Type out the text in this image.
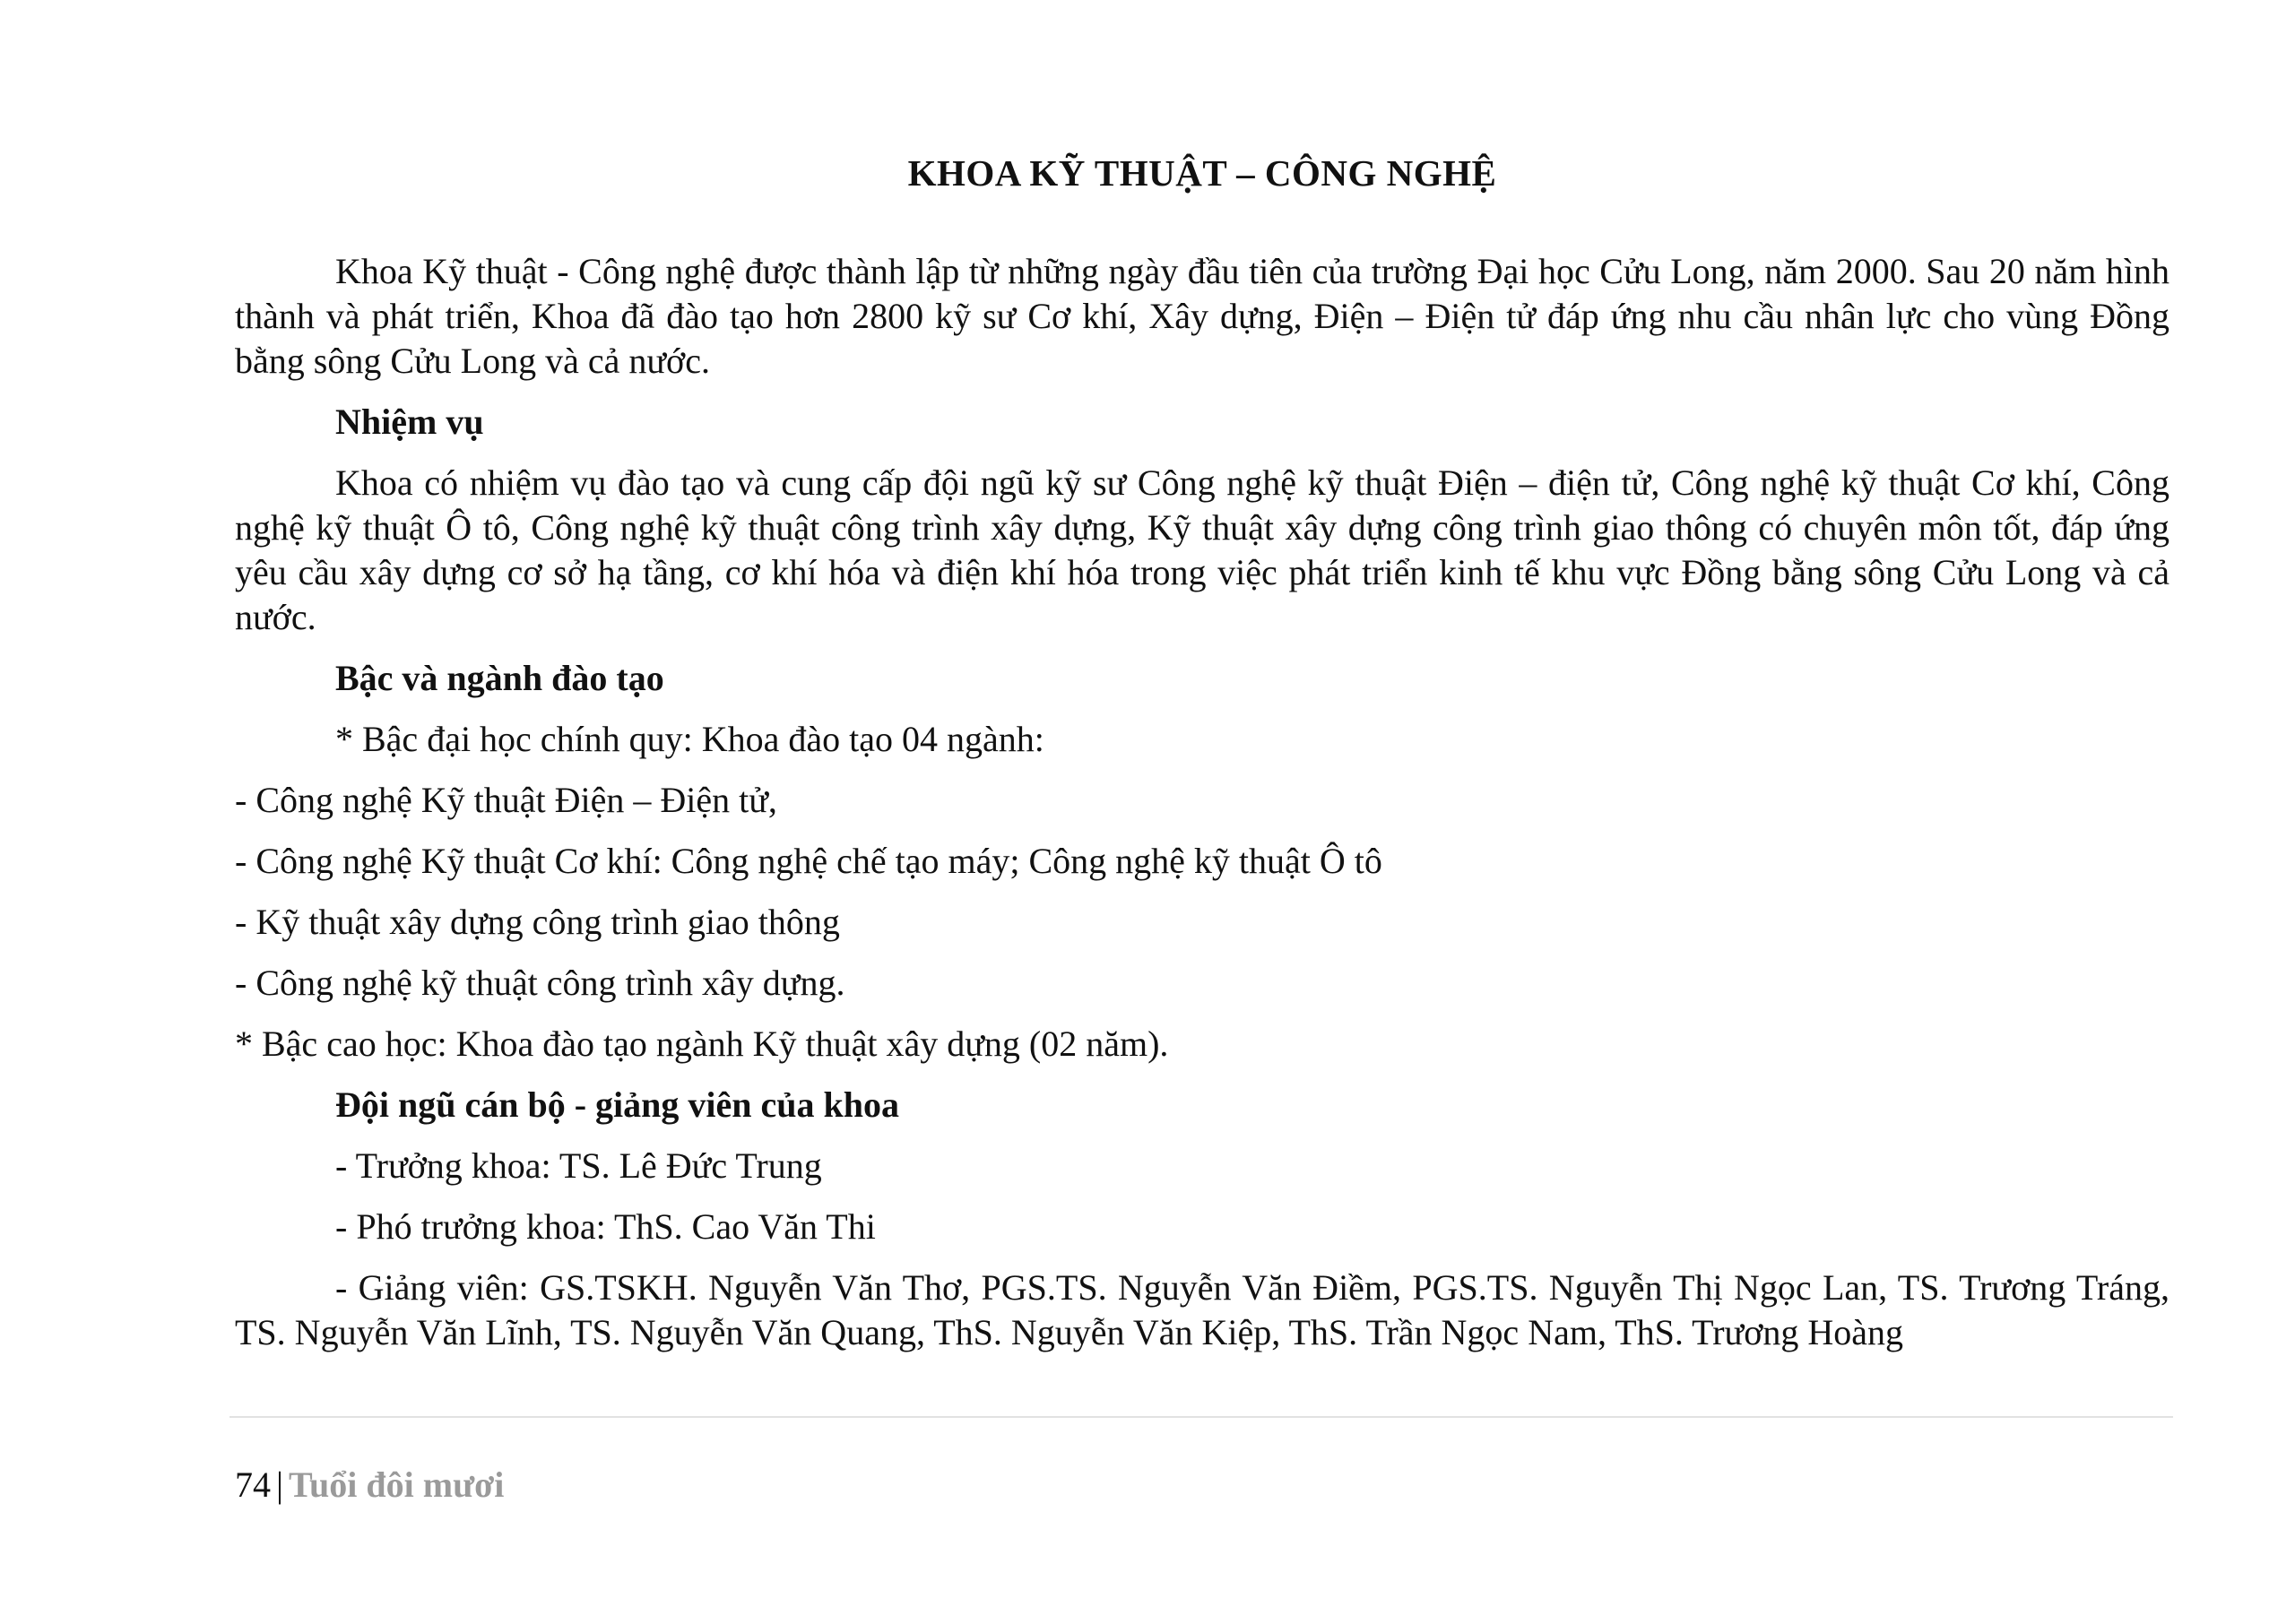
KHOA KỸ THUẬT – CÔNG NGHỆ

Khoa Kỹ thuật - Công nghệ được thành lập từ những ngày đầu tiên của trường Đại học Cửu Long, năm 2000. Sau 20 năm hình thành và phát triển, Khoa đã đào tạo hơn 2800 kỹ sư Cơ khí, Xây dựng, Điện – Điện tử đáp ứng nhu cầu nhân lực cho vùng Đồng bằng sông Cửu Long và cả nước.

Nhiệm vụ

Khoa có nhiệm vụ đào tạo và cung cấp đội ngũ kỹ sư Công nghệ kỹ thuật Điện – điện tử, Công nghệ kỹ thuật Cơ khí, Công nghệ kỹ thuật Ô tô, Công nghệ kỹ thuật công trình xây dựng, Kỹ thuật xây dựng công trình giao thông có chuyên môn tốt, đáp ứng yêu cầu xây dựng cơ sở hạ tầng, cơ khí hóa và điện khí hóa trong việc phát triển kinh tế khu vực Đồng bằng sông Cửu Long và cả nước.

Bậc và ngành đào tạo
* Bậc đại học chính quy: Khoa đào tạo 04 ngành:
- Công nghệ Kỹ thuật Điện – Điện tử,
- Công nghệ Kỹ thuật Cơ khí: Công nghệ chế tạo máy; Công nghệ kỹ thuật Ô tô
- Kỹ thuật xây dựng công trình giao thông
- Công nghệ kỹ thuật công trình xây dựng.
* Bậc cao học: Khoa đào tạo ngành Kỹ thuật xây dựng (02 năm).
Đội ngũ cán bộ - giảng viên của khoa
- Trưởng khoa: TS. Lê Đức Trung
- Phó trưởng khoa: ThS. Cao Văn Thi

- Giảng viên: GS.TSKH. Nguyễn Văn Thơ, PGS.TS. Nguyễn Văn Điềm, PGS.TS. Nguyễn Thị Ngọc Lan, TS. Trương Tráng, TS. Nguyễn Văn Lĩnh, TS. Nguyễn Văn Quang, ThS. Nguyễn Văn Kiệp, ThS. Trần Ngọc Nam, ThS. Trương Hoàng

74 | Tuổi đôi mươi
